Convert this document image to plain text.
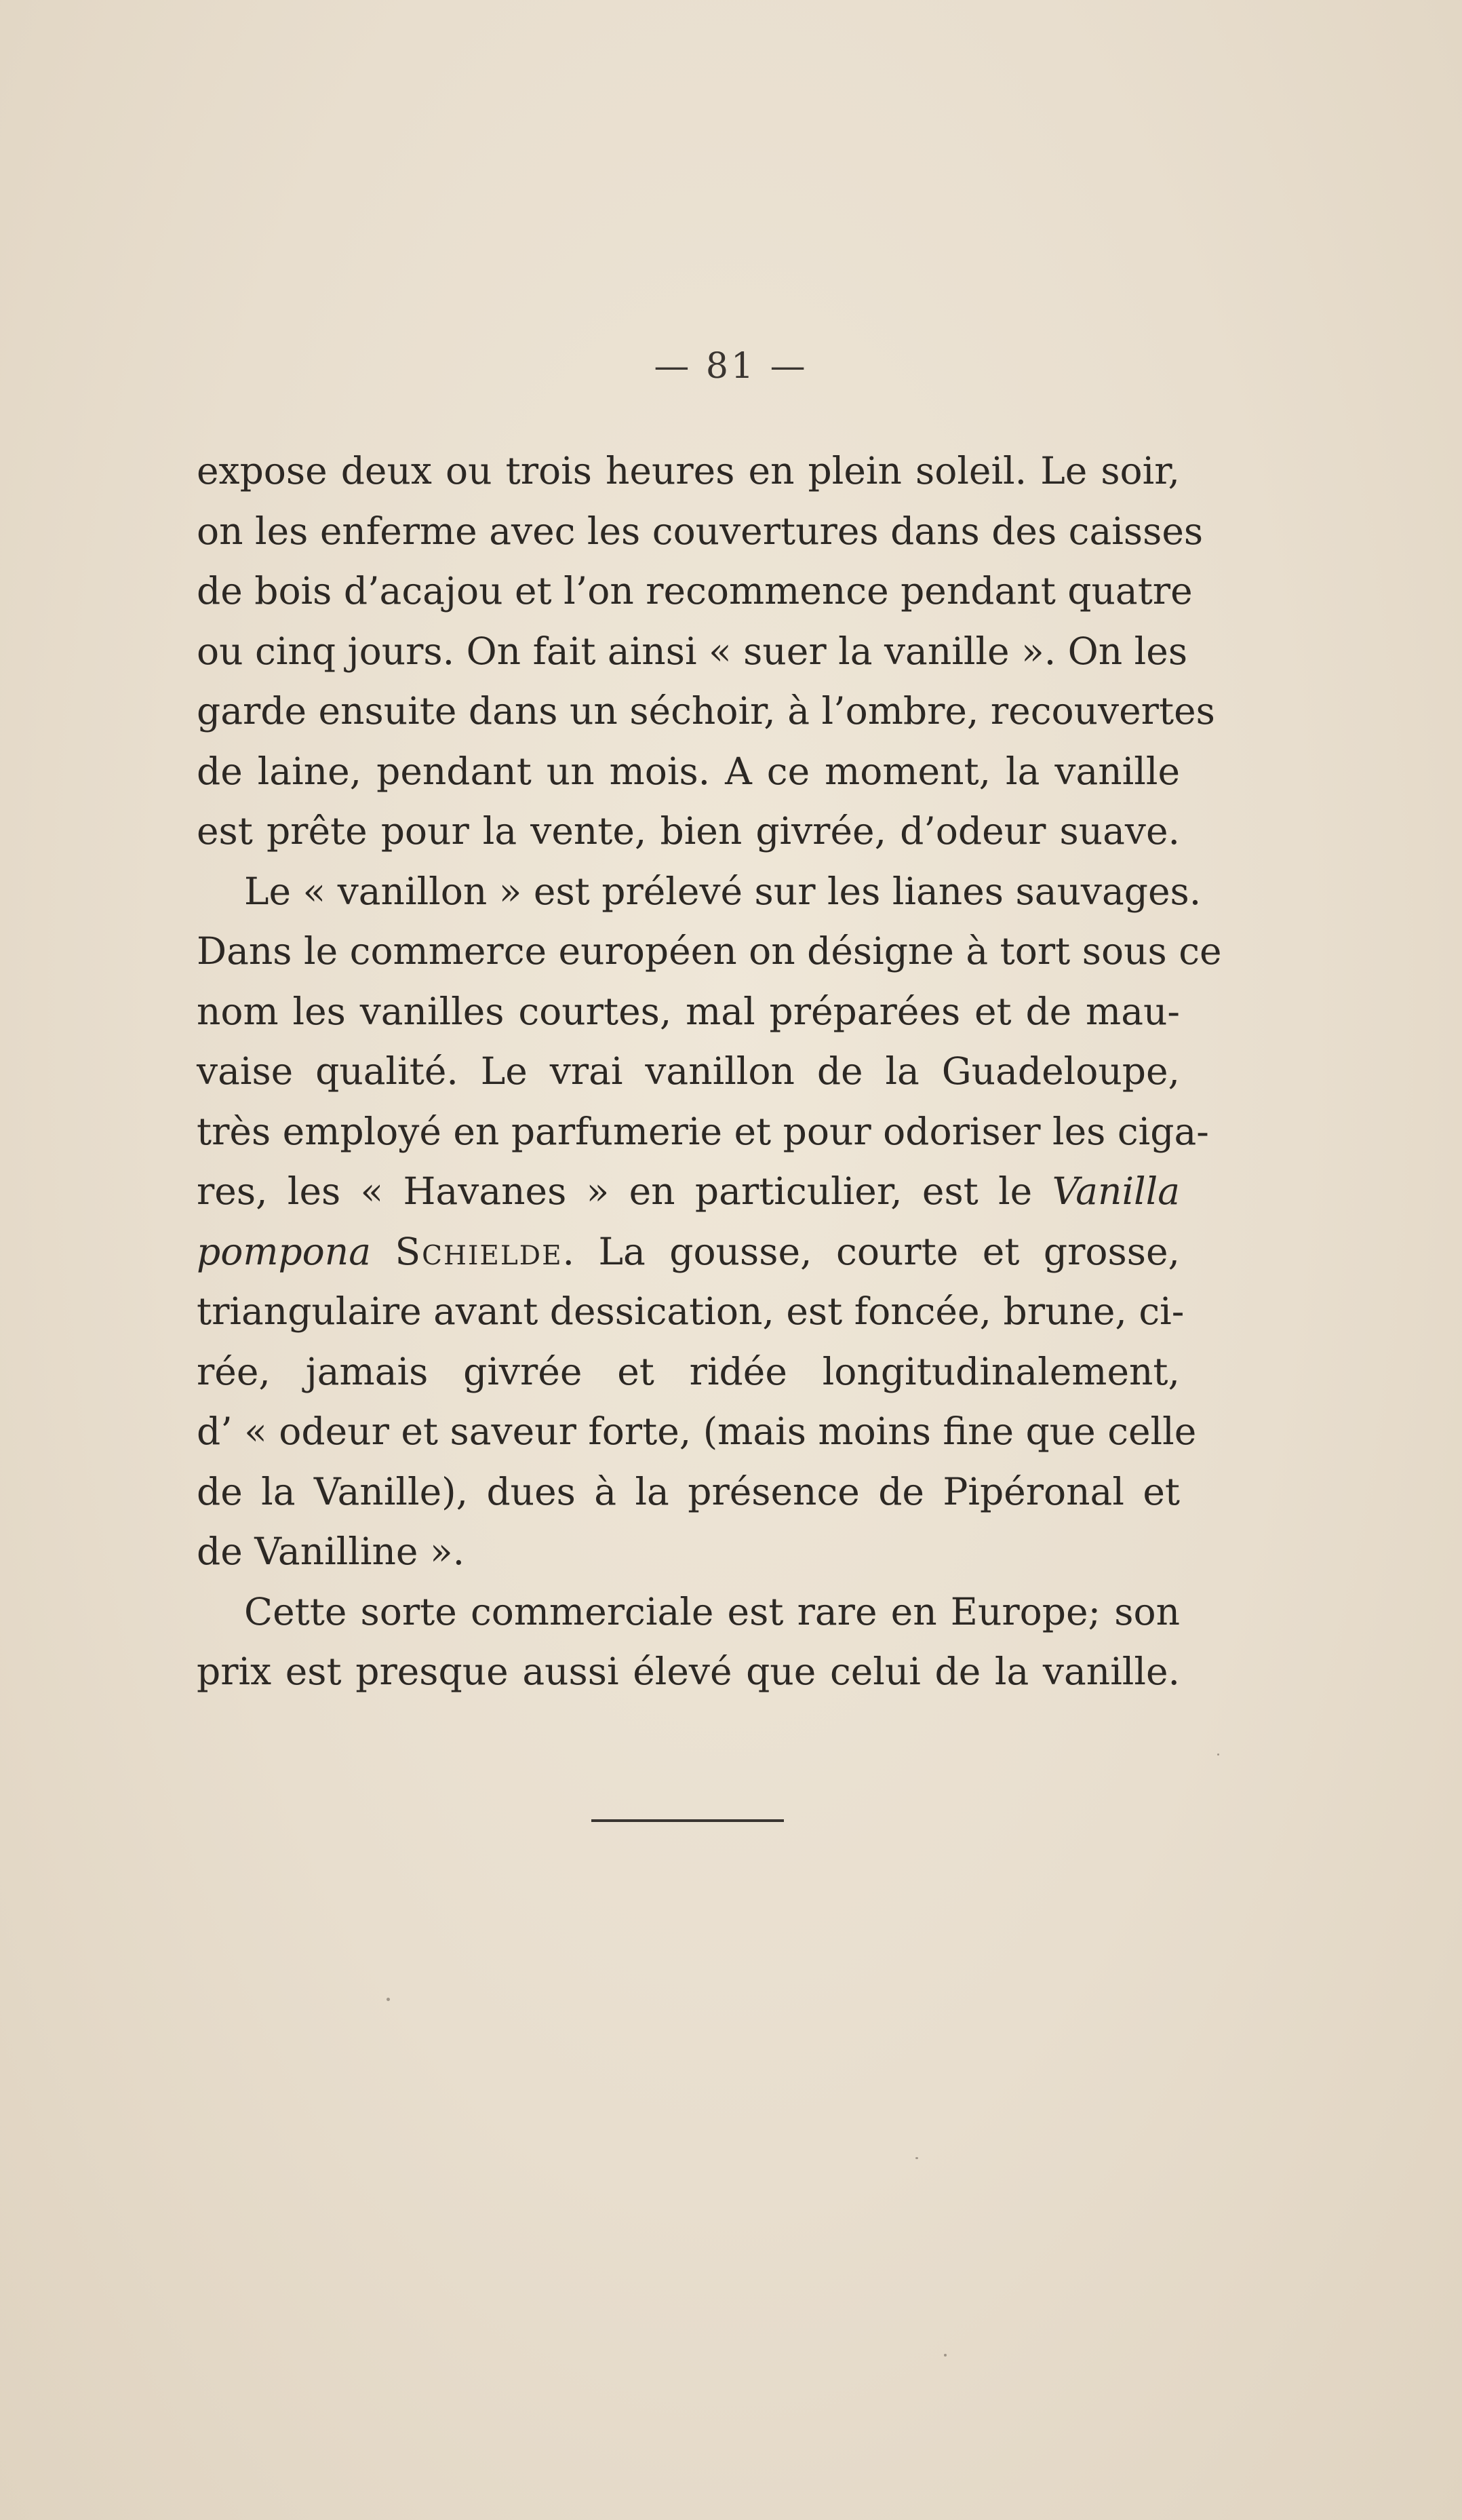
— 81 —
expose deux ou trois heures en plein soleil. Le soir,
on les enferme avec les couvertures dans des caisses
de bois d’acajou et l’on recommence pendant quatre
ou cinq jours. On fait ainsi « suer la vanille ». On les
garde ensuite dans un séchoir, à l’ombre, recouvertes
de laine, pendant un mois. A ce moment, la vanille
est prête pour la vente, bien givrée, d’odeur suave.
Le « vanillon » est prélevé sur les lianes sauvages.
Dans le commerce européen on désigne à tort sous ce
nom les vanilles courtes, mal préparées et de mau-
vaise qualité. Le vrai vanillon de la Guadeloupe,
très employé en parfumerie et pour odoriser les ciga-
res, les « Havanes » en particulier, est le Vanilla
pompona Schielde. La gousse, courte et grosse,
triangulaire avant dessication, est foncée, brune, ci-
rée, jamais givrée et ridée longitudinalement,
d’ « odeur et saveur forte, (mais moins fine que celle
de la Vanille), dues à la présence de Pipéronal et
de Vanilline ».
Cette sorte commerciale est rare en Europe; son
prix est presque aussi élevé que celui de la vanille.
